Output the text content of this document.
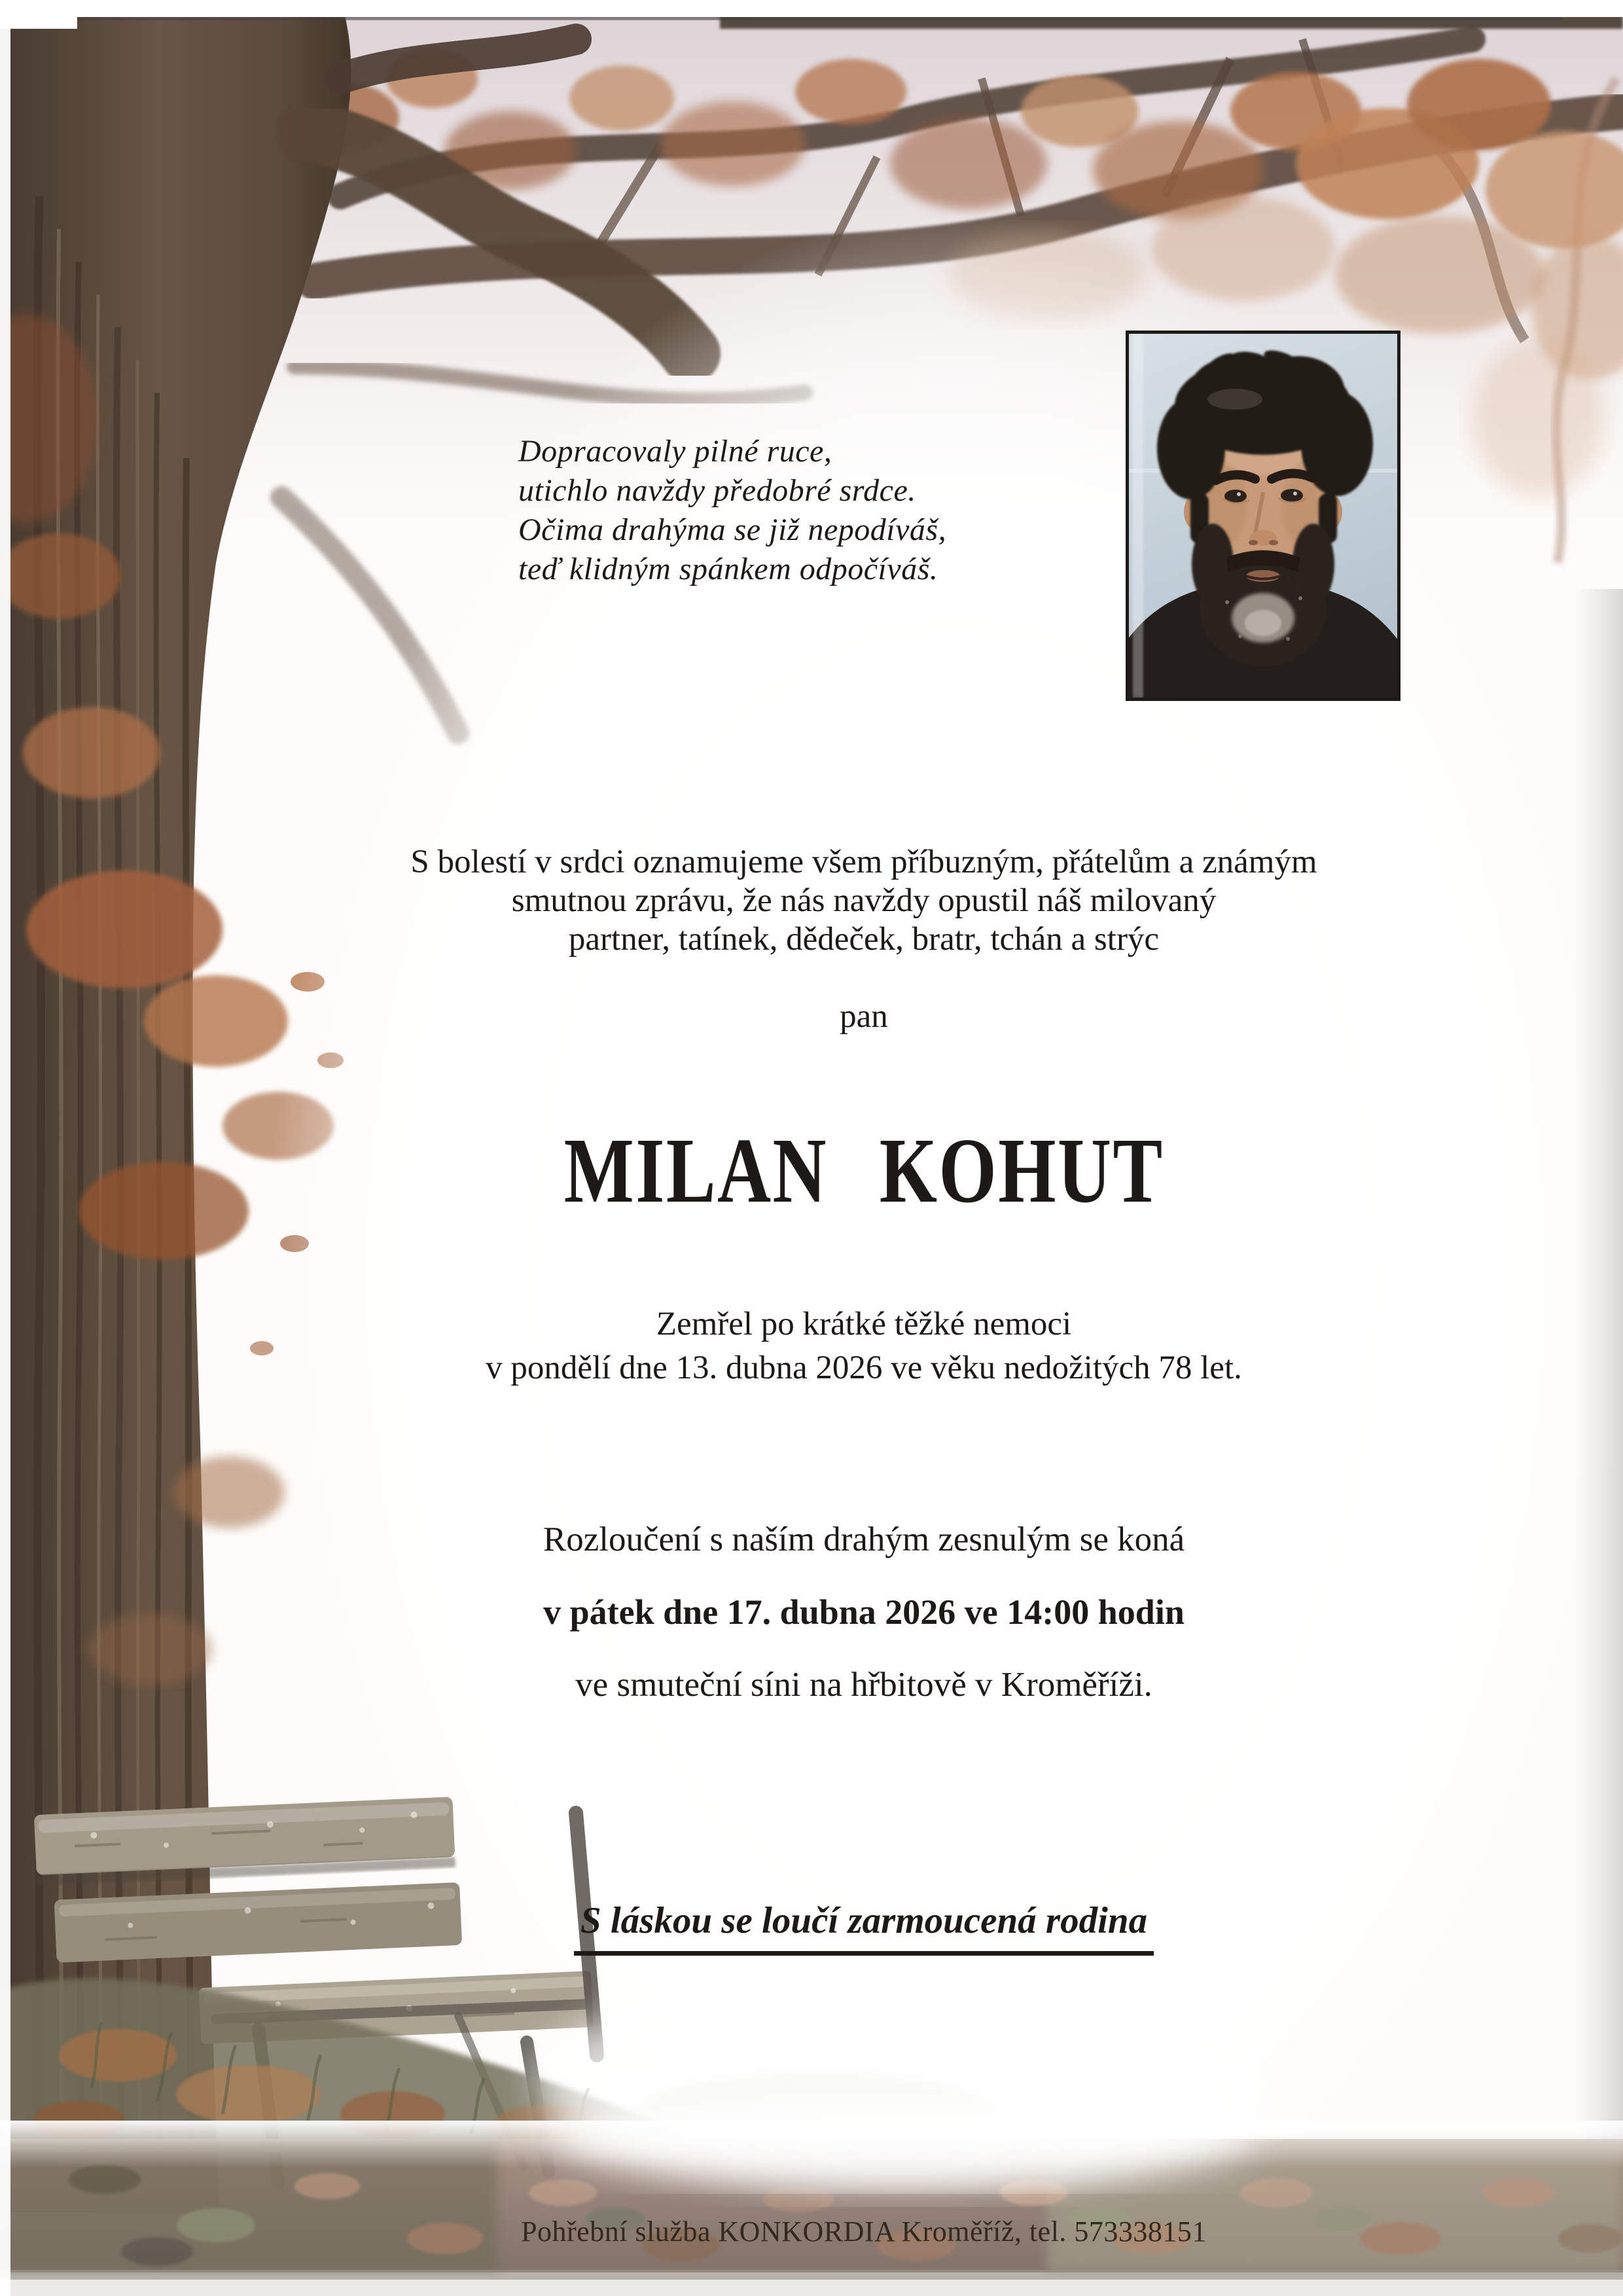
Dopracovaly pilné ruce,
utichlo navždy předobré srdce.
Očima drahýma se již nepodíváš,
teď klidným spánkem odpočíváš.
S bolestí v srdci oznamujeme všem příbuzným, přátelům a známým
smutnou zprávu, že nás navždy opustil náš milovaný
partner, tatínek, dědeček, bratr, tchán a strýc
pan
MILAN KOHUT
Zemřel po krátké těžké nemoci
v pondělí dne 13. dubna 2026 ve věku nedožitých 78 let.
Rozloučení s naším drahým zesnulým se koná
v pátek dne 17. dubna 2026 ve 14:00 hodin
ve smuteční síni na hřbitově v Kroměříži.
S láskou se loučí zarmoucená rodina
Pohřební služba KONKORDIA Kroměříž, tel. 573338151
